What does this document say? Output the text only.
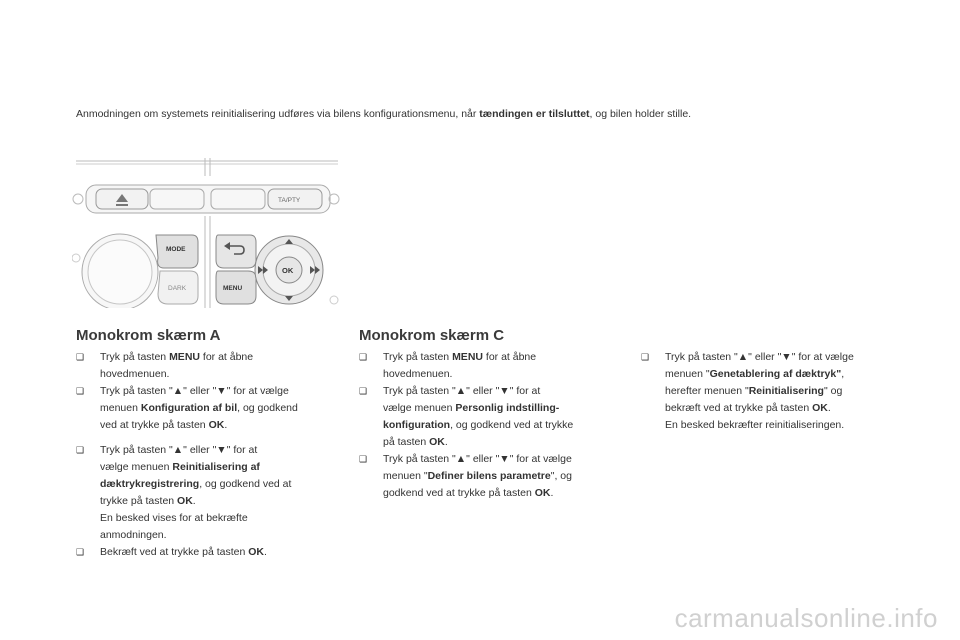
Anmodningen om systemets reinitialisering udføres via bilens konfigurationsmenu, når tændingen er tilsluttet, og bilen holder stille.
TA/PTY
MODE
DARK	MENU
OK
Monokrom skærm A
❑ Tryk på tasten MENU for at åbne
hovedmenuen.
❑ Tryk på tasten "▲" eller "▼" for at vælge
menuen Konfiguration af bil, og godkend
ved at trykke på tasten OK.
❑ Tryk på tasten "▲" eller "▼" for at
vælge menuen Reinitialisering af
dæktrykregistrering, og godkend ved at
trykke på tasten OK.
En besked vises for at bekræfte
anmodningen.
❑ Bekræft ved at trykke på tasten OK.
Monokrom skærm C
❑ Tryk på tasten MENU for at åbne
hovedmenuen.
❑ Tryk på tasten "▲" eller "▼" for at
vælge menuen Personlig indstilling-
konfiguration, og godkend ved at trykke
på tasten OK.
❑ Tryk på tasten "▲" eller "▼" for at vælge
menuen "Definer bilens parametre", og
godkend ved at trykke på tasten OK.
❑ Tryk på tasten "▲" eller "▼" for at vælge
menuen "Genetablering af dæktryk",
herefter menuen "Reinitialisering" og
bekræft ved at trykke på tasten OK.
En besked bekræfter reinitialiseringen.
carmanualsonline.info
